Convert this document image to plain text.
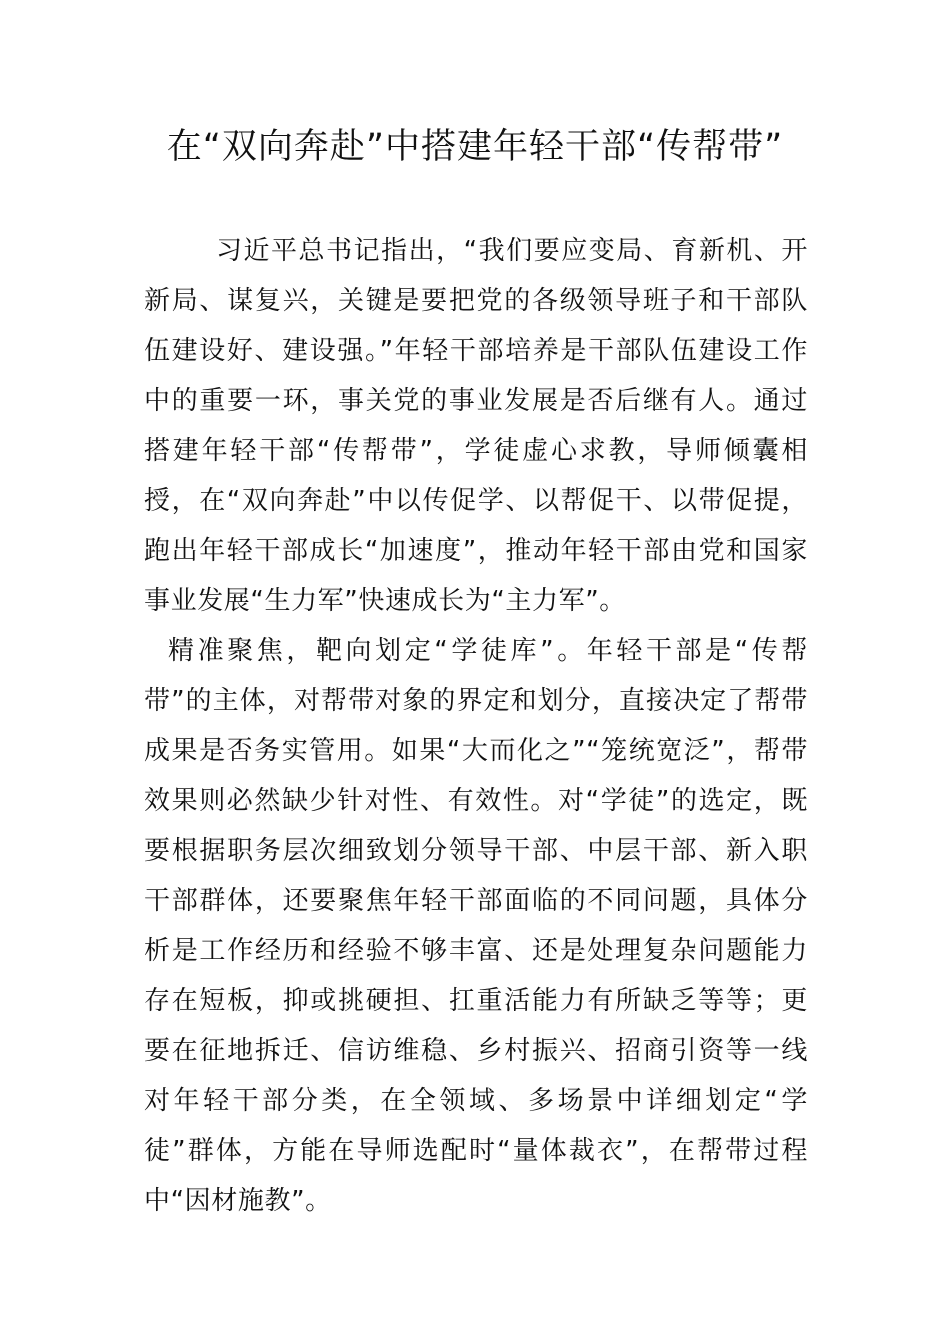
在“双向奔赴”中搭建年轻干部“传帮带”

习近平总书记指出，“我们要应变局、育新机、开新局、谋复兴，关键是要把党的各级领导班子和干部队伍建设好、建设强。”年轻干部培养是干部队伍建设工作中的重要一环，事关党的事业发展是否后继有人。通过搭建年轻干部“传帮带”，学徒虚心求教，导师倾囊相授，在“双向奔赴”中以传促学、以帮促干、以带促提，跑出年轻干部成长“加速度”，推动年轻干部由党和国家事业发展“生力军”快速成长为“主力军”。

精准聚焦，靶向划定“学徒库”。年轻干部是“传帮带”的主体，对帮带对象的界定和划分，直接决定了帮带成果是否务实管用。如果“大而化之”“笼统宽泛”，帮带效果则必然缺少针对性、有效性。对“学徒”的选定，既要根据职务层次细致划分领导干部、中层干部、新入职干部群体，还要聚焦年轻干部面临的不同问题，具体分析是工作经历和经验不够丰富、还是处理复杂问题能力存在短板，抑或挑硬担、扛重活能力有所缺乏等等；更要在征地拆迁、信访维稳、乡村振兴、招商引资等一线对年轻干部分类，在全领域、多场景中详细划定“学徒”群体，方能在导师选配时“量体裁衣”，在帮带过程中“因材施教”。
